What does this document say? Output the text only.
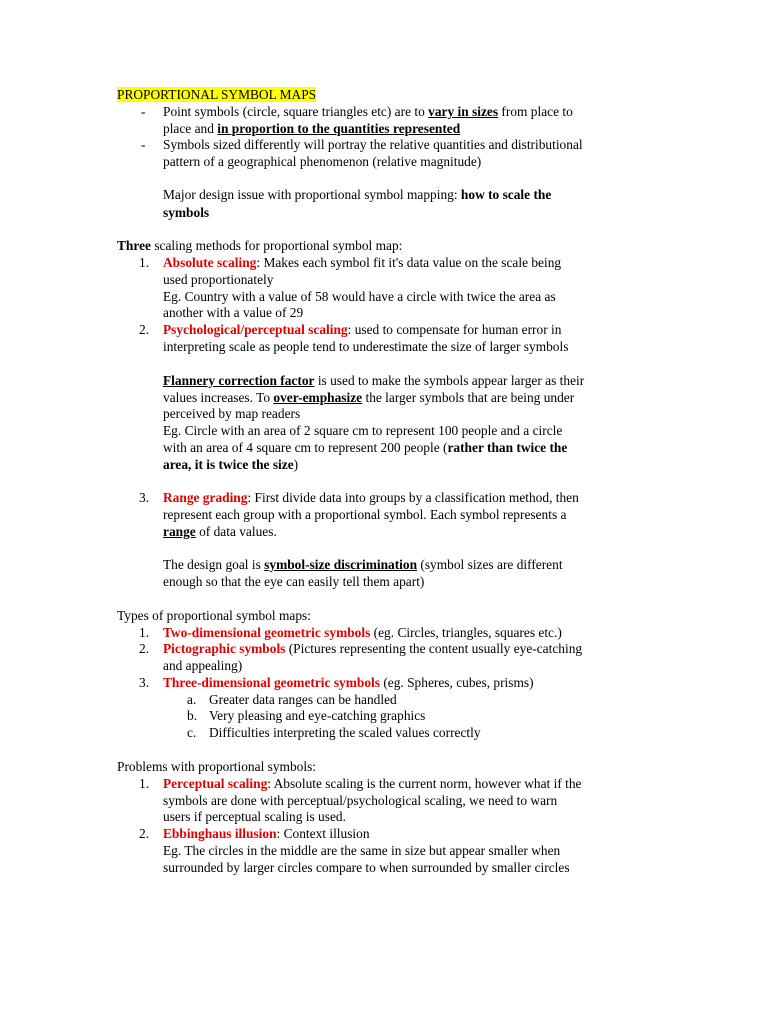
PROPORTIONAL SYMBOL MAPS
- Point symbols (circle, square triangles etc) are to vary in sizes from place to
place and in proportion to the quantities represented
- Symbols sized differently will portray the relative quantities and distributional
pattern of a geographical phenomenon (relative magnitude)
Major design issue with proportional symbol mapping: how to scale the
symbols
Three scaling methods for proportional symbol map:
1. Absolute scaling: Makes each symbol fit it's data value on the scale being
used proportionately
Eg. Country with a value of 58 would have a circle with twice the area as
another with a value of 29
2. Psychological/perceptual scaling: used to compensate for human error in
interpreting scale as people tend to underestimate the size of larger symbols
Flannery correction factor is used to make the symbols appear larger as their
values increases. To over-emphasize the larger symbols that are being under
perceived by map readers
Eg. Circle with an area of 2 square cm to represent 100 people and a circle
with an area of 4 square cm to represent 200 people (rather than twice the
area, it is twice the size)
3. Range grading: First divide data into groups by a classification method, then
represent each group with a proportional symbol. Each symbol represents a
range of data values.
The design goal is symbol-size discrimination (symbol sizes are different
enough so that the eye can easily tell them apart)
Types of proportional symbol maps:
1. Two-dimensional geometric symbols (eg. Circles, triangles, squares etc.)
2. Pictographic symbols (Pictures representing the content usually eye-catching
and appealing)
3. Three-dimensional geometric symbols (eg. Spheres, cubes, prisms)
a. Greater data ranges can be handled
b. Very pleasing and eye-catching graphics
c. Difficulties interpreting the scaled values correctly
Problems with proportional symbols:
1. Perceptual scaling: Absolute scaling is the current norm, however what if the
symbols are done with perceptual/psychological scaling, we need to warn
users if perceptual scaling is used.
2. Ebbinghaus illusion: Context illusion
Eg. The circles in the middle are the same in size but appear smaller when
surrounded by larger circles compare to when surrounded by smaller circles
